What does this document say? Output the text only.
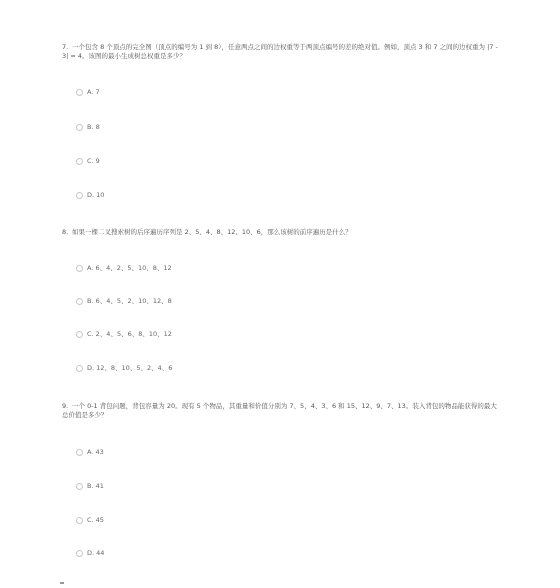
7. 一个包含 8 个顶点的完全图（顶点的编号为 1 到 8），任意两点之间的边权重等于两顶点编号的差的绝对值。例如，顶点 3 和 7 之间的边权重为 |7 - 3| = 4。该图的最小生成树总权重是多少？

A. 7
B. 8
C. 9
D. 10

8. 如果一棵二叉搜索树的后序遍历序列是 2、5、4、8、12、10、6，那么该树的前序遍历是什么？

A. 6、4、2、5、10、8、12
B. 6、4、5、2、10、12、8
C. 2、4、5、6、8、10、12
D. 12、8、10、5、2、4、6

9. 一个 0-1 背包问题，背包容量为 20。现有 5 个物品，其重量和价值分别为 7、5、4、3、6 和 15、12、9、7、13。装入背包的物品能获得的最大总价值是多少？

A. 43
B. 41
C. 45
D. 44
